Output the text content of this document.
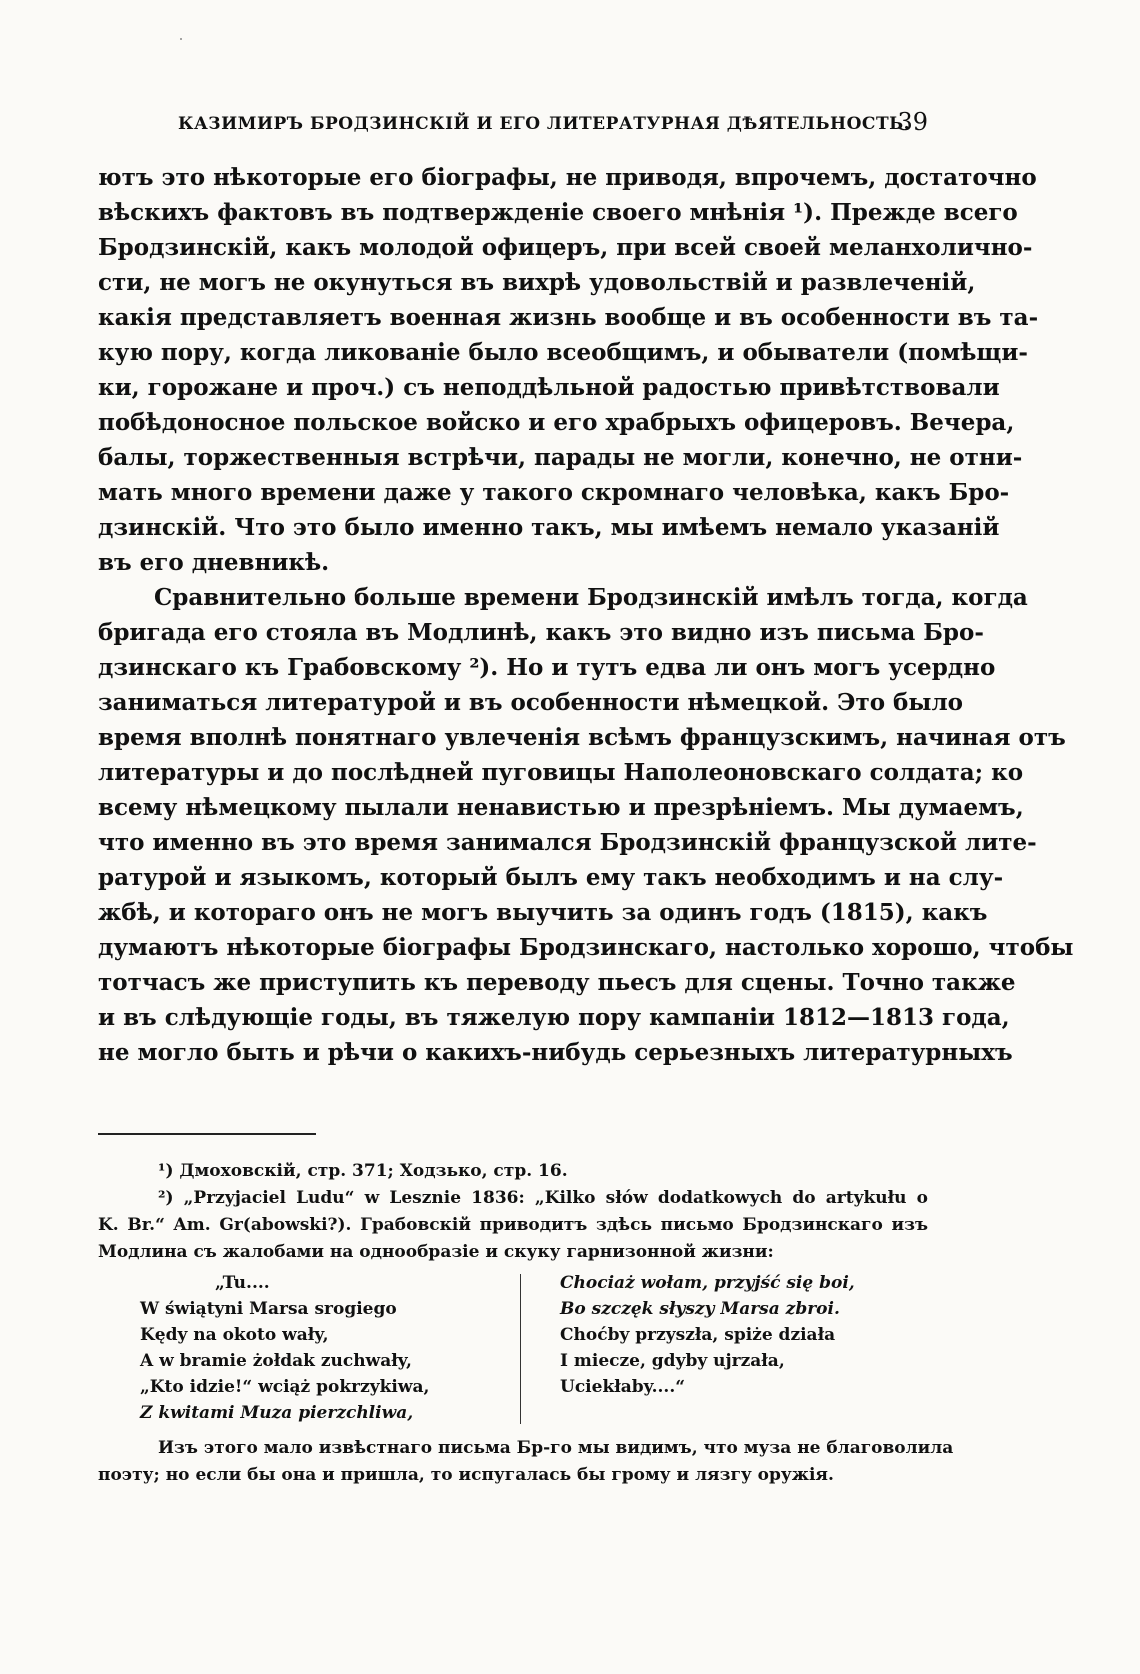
КАЗИМИРЪ БРОДЗИНСКІЙ И ЕГО ЛИТЕРАТУРНАЯ ДѢЯТЕЛЬНОСТЬ.
39

ютъ это нѣкоторые его біографы, не приводя, впрочемъ, достаточно
вѣскихъ фактовъ въ подтвержденіе своего мнѣнія ¹). Прежде всего
Бродзинскій, какъ молодой офицеръ, при всей своей меланхолично-
сти, не могъ не окунуться въ вихрѣ удовольствій и развлеченій,
какія представляетъ военная жизнь вообще и въ особенности въ та-
кую пору, когда ликованіе было всеобщимъ, и обыватели (помѣщи-
ки, горожане и проч.) съ неподдѣльной радостью привѣтствовали
побѣдоносное польское войско и его храбрыхъ офицеровъ. Вечера,
балы, торжественныя встрѣчи, парады не могли, конечно, не отни-
мать много времени даже у такого скромнаго человѣка, какъ Бро-
дзинскій. Что это было именно такъ, мы имѣемъ немало указаній
въ его дневникѣ.

Сравнительно больше времени Бродзинскій имѣлъ тогда, когда
бригада его стояла въ Модлинѣ, какъ это видно изъ письма Бро-
дзинскаго къ Грабовскому ²). Но и тутъ едва ли онъ могъ усердно
заниматься литературой и въ особенности нѣмецкой. Это было
время вполнѣ понятнаго увлеченія всѣмъ французскимъ, начиная отъ
литературы и до послѣдней пуговицы Наполеоновскаго солдата; ко
всему нѣмецкому пылали ненавистью и презрѣніемъ. Мы думаемъ,
что именно въ это время занимался Бродзинскій французской лите-
ратурой и языкомъ, который былъ ему такъ необходимъ и на слу-
жбѣ, и котораго онъ не могъ выучить за одинъ годъ (1815), какъ
думаютъ нѣкоторые біографы Бродзинскаго, настолько хорошо, чтобы
тотчасъ же приступить къ переводу пьесъ для сцены. Точно также
и въ слѣдующіе годы, въ тяжелую пору кампаніи 1812—1813 года,
не могло быть и рѣчи о какихъ-нибудь серьезныхъ литературныхъ

¹) Дмоховскій, стр. 371; Ходзько, стр. 16.

²) „Przyjaciel Ludu“ w Lesznie 1836: „Kilko słów dodatkowych do artykułu o
K. Br.“ Am. Gr(abowski?). Грабовскій приводитъ здѣсь письмо Бродзинскаго изъ
Модлина съ жалобами на однообразіе и скуку гарнизонной жизни:

„Tu....
W świątyni Marsa srogiego
Kędy na okoto wały,
A w bramie żołdak zuchwały,
„Kto idzie!“ wciąż pokrzykiwa,
Z kwitami Muza pierzchliwa,
Chociaż wołam, przyjść się boi,
Bo szczęk słyszy Marsa zbroi.
Choćby przyszła, spiże działa
I miecze, gdyby ujrzała,
Uciekłaby....“
Изъ этого мало извѣстнаго письма Бр-го мы видимъ, что муза не благоволила
поэту; но если бы она и пришла, то испугалась бы грому и лязгу оружія.
